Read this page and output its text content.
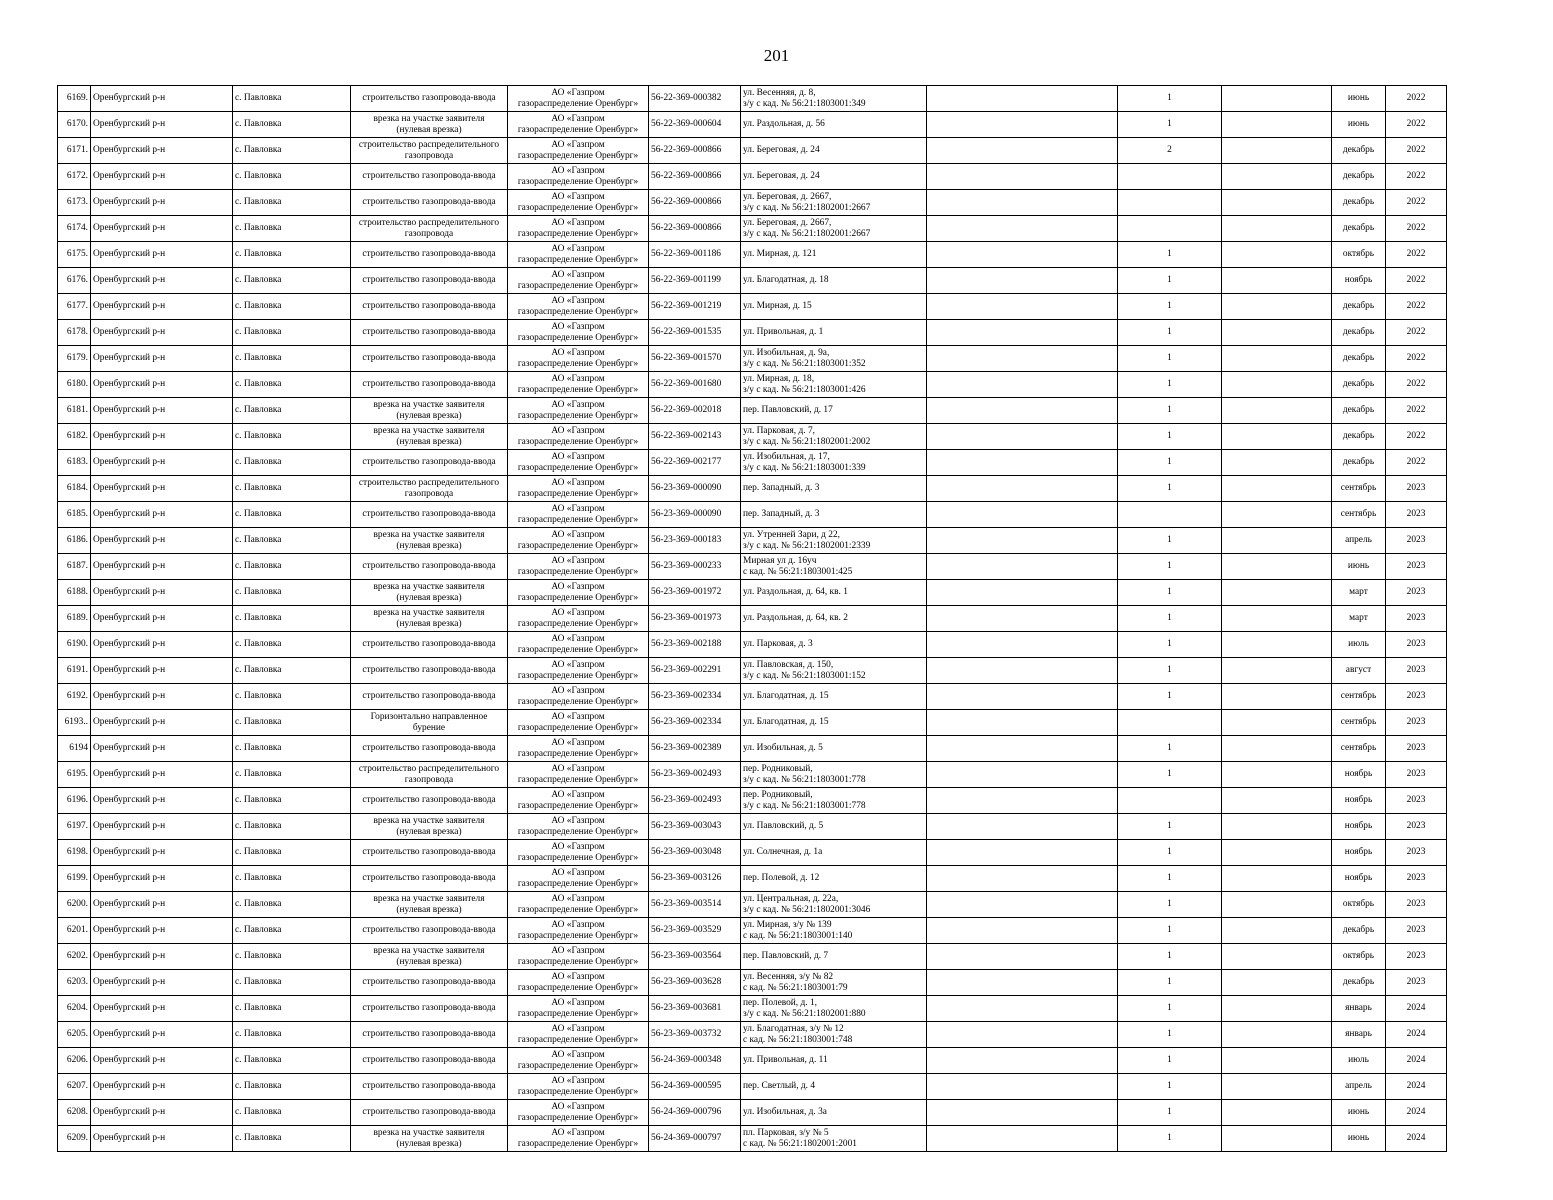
201
6169.	Оренбургский р-н	с. Павловка	строительство газопровода-ввода	АО «Газпром
газораспределение Оренбург»	56-22-369-000382	ул. Весенняя, д. 8,
з/у с кад. № 56:21:1803001:349		1		июнь	2022
6170.	Оренбургский р-н	с. Павловка	врезка на участке заявителя
(нулевая врезка)	АО «Газпром
газораспределение Оренбург»	56-22-369-000604	ул. Раздольная, д. 56		1		июнь	2022
6171.	Оренбургский р-н	с. Павловка	строительство распределительного
газопровода	АО «Газпром
газораспределение Оренбург»	56-22-369-000866	ул. Береговая, д. 24		2		декабрь	2022
6172.	Оренбургский р-н	с. Павловка	строительство газопровода-ввода	АО «Газпром
газораспределение Оренбург»	56-22-369-000866	ул. Береговая, д. 24				декабрь	2022
6173.	Оренбургский р-н	с. Павловка	строительство газопровода-ввода	АО «Газпром
газораспределение Оренбург»	56-22-369-000866	ул. Береговая, д. 2667,
з/у с кад. № 56:21:1802001:2667				декабрь	2022
6174.	Оренбургский р-н	с. Павловка	строительство распределительного
газопровода	АО «Газпром
газораспределение Оренбург»	56-22-369-000866	ул. Береговая, д. 2667,
з/у с кад. № 56:21:1802001:2667				декабрь	2022
6175.	Оренбургский р-н	с. Павловка	строительство газопровода-ввода	АО «Газпром
газораспределение Оренбург»	56-22-369-001186	ул. Мирная, д. 121		1		октябрь	2022
6176.	Оренбургский р-н	с. Павловка	строительство газопровода-ввода	АО «Газпром
газораспределение Оренбург»	56-22-369-001199	ул. Благодатная, д. 18		1		ноябрь	2022
6177.	Оренбургский р-н	с. Павловка	строительство газопровода-ввода	АО «Газпром
газораспределение Оренбург»	56-22-369-001219	ул. Мирная, д. 15		1		декабрь	2022
6178.	Оренбургский р-н	с. Павловка	строительство газопровода-ввода	АО «Газпром
газораспределение Оренбург»	56-22-369-001535	ул. Привольная, д. 1		1		декабрь	2022
6179.	Оренбургский р-н	с. Павловка	строительство газопровода-ввода	АО «Газпром
газораспределение Оренбург»	56-22-369-001570	ул. Изобильная, д. 9а,
з/у с кад. № 56:21:1803001:352		1		декабрь	2022
6180.	Оренбургский р-н	с. Павловка	строительство газопровода-ввода	АО «Газпром
газораспределение Оренбург»	56-22-369-001680	ул. Мирная, д. 18,
з/у с кад. № 56:21:1803001:426		1		декабрь	2022
6181.	Оренбургский р-н	с. Павловка	врезка на участке заявителя
(нулевая врезка)	АО «Газпром
газораспределение Оренбург»	56-22-369-002018	пер. Павловский, д. 17		1		декабрь	2022
6182.	Оренбургский р-н	с. Павловка	врезка на участке заявителя
(нулевая врезка)	АО «Газпром
газораспределение Оренбург»	56-22-369-002143	ул. Парковая, д. 7,
з/у с кад. № 56:21:1802001:2002		1		декабрь	2022
6183.	Оренбургский р-н	с. Павловка	строительство газопровода-ввода	АО «Газпром
газораспределение Оренбург»	56-22-369-002177	ул. Изобильная, д. 17,
з/у с кад. № 56:21:1803001:339		1		декабрь	2022
6184.	Оренбургский р-н	с. Павловка	строительство распределительного
газопровода	АО «Газпром
газораспределение Оренбург»	56-23-369-000090	пер. Западный, д. 3		1		сентябрь	2023
6185.	Оренбургский р-н	с. Павловка	строительство газопровода-ввода	АО «Газпром
газораспределение Оренбург»	56-23-369-000090	пер. Западный, д. 3				сентябрь	2023
6186.	Оренбургский р-н	с. Павловка	врезка на участке заявителя
(нулевая врезка)	АО «Газпром
газораспределение Оренбург»	56-23-369-000183	ул. Утренней Зари, д 22,
з/у с кад. № 56:21:1802001:2339		1		апрель	2023
6187.	Оренбургский р-н	с. Павловка	строительство газопровода-ввода	АО «Газпром
газораспределение Оренбург»	56-23-369-000233	Мирная ул д. 16уч
с кад. № 56:21:1803001:425		1		июнь	2023
6188.	Оренбургский р-н	с. Павловка	врезка на участке заявителя
(нулевая врезка)	АО «Газпром
газораспределение Оренбург»	56-23-369-001972	ул. Раздольная, д. 64, кв. 1		1		март	2023
6189.	Оренбургский р-н	с. Павловка	врезка на участке заявителя
(нулевая врезка)	АО «Газпром
газораспределение Оренбург»	56-23-369-001973	ул. Раздольная, д. 64, кв. 2		1		март	2023
6190.	Оренбургский р-н	с. Павловка	строительство газопровода-ввода	АО «Газпром
газораспределение Оренбург»	56-23-369-002188	ул. Парковая, д. 3		1		июль	2023
6191.	Оренбургский р-н	с. Павловка	строительство газопровода-ввода	АО «Газпром
газораспределение Оренбург»	56-23-369-002291	ул. Павловская, д. 150,
з/у с кад. № 56:21:1803001:152		1		август	2023
6192.	Оренбургский р-н	с. Павловка	строительство газопровода-ввода	АО «Газпром
газораспределение Оренбург»	56-23-369-002334	ул. Благодатная, д. 15		1		сентябрь	2023
6193..	Оренбургский р-н	с. Павловка	Горизонтально направленное
бурение	АО «Газпром
газораспределение Оренбург»	56-23-369-002334	ул. Благодатная, д. 15				сентябрь	2023
6194	Оренбургский р-н	с. Павловка	строительство газопровода-ввода	АО «Газпром
газораспределение Оренбург»	56-23-369-002389	ул. Изобильная, д. 5		1		сентябрь	2023
6195.	Оренбургский р-н	с. Павловка	строительство распределительного
газопровода	АО «Газпром
газораспределение Оренбург»	56-23-369-002493	пер. Родниковый,
з/у с кад. № 56:21:1803001:778		1		ноябрь	2023
6196.	Оренбургский р-н	с. Павловка	строительство газопровода-ввода	АО «Газпром
газораспределение Оренбург»	56-23-369-002493	пер. Родниковый,
з/у с кад. № 56:21:1803001:778				ноябрь	2023
6197.	Оренбургский р-н	с. Павловка	врезка на участке заявителя
(нулевая врезка)	АО «Газпром
газораспределение Оренбург»	56-23-369-003043	ул. Павловский, д. 5		1		ноябрь	2023
6198.	Оренбургский р-н	с. Павловка	строительство газопровода-ввода	АО «Газпром
газораспределение Оренбург»	56-23-369-003048	ул. Солнечная, д. 1а		1		ноябрь	2023
6199.	Оренбургский р-н	с. Павловка	строительство газопровода-ввода	АО «Газпром
газораспределение Оренбург»	56-23-369-003126	пер. Полевой, д. 12		1		ноябрь	2023
6200.	Оренбургский р-н	с. Павловка	врезка на участке заявителя
(нулевая врезка)	АО «Газпром
газораспределение Оренбург»	56-23-369-003514	ул. Центральная, д. 22а,
з/у с кад. № 56:21:1802001:3046		1		октябрь	2023
6201.	Оренбургский р-н	с. Павловка	строительство газопровода-ввода	АО «Газпром
газораспределение Оренбург»	56-23-369-003529	ул. Мирная, з/у № 139
с кад. № 56:21:1803001:140		1		декабрь	2023
6202.	Оренбургский р-н	с. Павловка	врезка на участке заявителя
(нулевая врезка)	АО «Газпром
газораспределение Оренбург»	56-23-369-003564	пер. Павловский, д. 7		1		октябрь	2023
6203.	Оренбургский р-н	с. Павловка	строительство газопровода-ввода	АО «Газпром
газораспределение Оренбург»	56-23-369-003628	ул. Весенняя, з/у № 82
с кад. № 56:21:1803001:79		1		декабрь	2023
6204.	Оренбургский р-н	с. Павловка	строительство газопровода-ввода	АО «Газпром
газораспределение Оренбург»	56-23-369-003681	пер. Полевой, д. 1,
з/у с кад. № 56:21:1802001:880		1		январь	2024
6205.	Оренбургский р-н	с. Павловка	строительство газопровода-ввода	АО «Газпром
газораспределение Оренбург»	56-23-369-003732	ул. Благодатная, з/у № 12
с кад. № 56:21:1803001:748		1		январь	2024
6206.	Оренбургский р-н	с. Павловка	строительство газопровода-ввода	АО «Газпром
газораспределение Оренбург»	56-24-369-000348	ул. Привольная, д. 11		1		июль	2024
6207.	Оренбургский р-н	с. Павловка	строительство газопровода-ввода	АО «Газпром
газораспределение Оренбург»	56-24-369-000595	пер. Светлый, д. 4		1		апрель	2024
6208.	Оренбургский р-н	с. Павловка	строительство газопровода-ввода	АО «Газпром
газораспределение Оренбург»	56-24-369-000796	ул. Изобильная, д. 3а		1		июнь	2024
6209.	Оренбургский р-н	с. Павловка	врезка на участке заявителя
(нулевая врезка)	АО «Газпром
газораспределение Оренбург»	56-24-369-000797	пл. Парковая, з/у № 5
с кад. № 56:21:1802001:2001		1		июнь	2024
